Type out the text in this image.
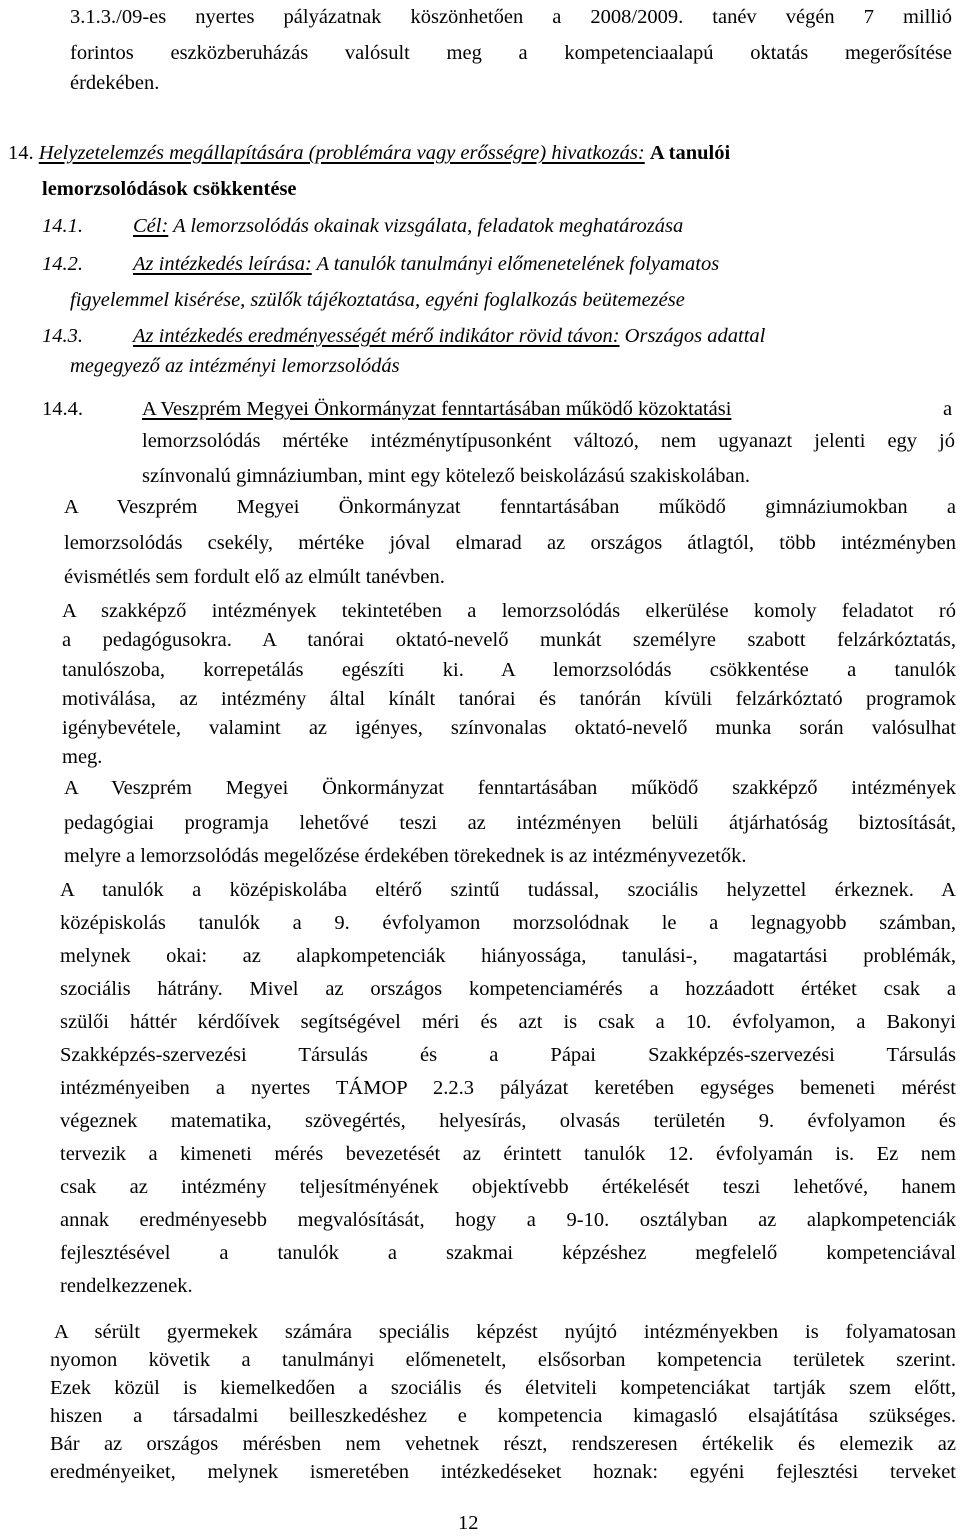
3.1.3./09-es nyertes pályázatnak köszönhetően a 2008/2009. tanév végén 7 millió

forintos eszközberuházás valósult meg a kompetenciaalapú oktatás megerősítése

érdekében.

14. Helyzetelemzés megállapítására (problémára vagy erősségre) hivatkozás: A tanulói

lemorzsolódások csökkentése

14.1. Cél: A lemorzsolódás okainak vizsgálata, feladatok meghatározása

14.2. Az intézkedés leírása: A tanulók tanulmányi előmenetelének folyamatos

figyelemmel kisérése, szülők tájékoztatása, egyéni foglalkozás beütemezése

14.3. Az intézkedés eredményességét mérő indikátor rövid távon: Országos adattal

megegyező az intézményi lemorzsolódás

14.4.	A Veszprém Megyei Önkormányzat fenntartásában működő közoktatási	a

lemorzsolódás mértéke intézménytípusonként változó, nem ugyanazt jelenti egy jó

színvonalú gimnáziumban, mint egy kötelező beiskolázású szakiskolában.

A Veszprém Megyei Önkormányzat fenntartásában működő gimnáziumokban a

lemorzsolódás csekély, mértéke jóval elmarad az országos átlagtól, több intézményben

évismétlés sem fordult elő az elmúlt tanévben.

A szakképző intézmények tekintetében a lemorzsolódás elkerülése komoly feladatot ró

a pedagógusokra. A tanórai oktató-nevelő munkát személyre szabott felzárkóztatás,

tanulószoba, korrepetálás egészíti ki. A lemorzsolódás csökkentése a tanulók

motiválása, az intézmény által kínált tanórai és tanórán kívüli felzárkóztató programok

igénybevétele, valamint az igényes, színvonalas oktató-nevelő munka során valósulhat

meg.

A Veszprém Megyei Önkormányzat fenntartásában működő szakképző intézmények

pedagógiai programja lehetővé teszi az intézményen belüli átjárhatóság biztosítását,

melyre a lemorzsolódás megelőzése érdekében törekednek is az intézményvezetők.

A tanulók a középiskolába eltérő szintű tudással, szociális helyzettel érkeznek. A

középiskolás tanulók a 9. évfolyamon morzsolódnak le a legnagyobb számban,

melynek okai: az alapkompetenciák hiányossága, tanulási-, magatartási problémák,

szociális hátrány. Mivel az országos kompetenciamérés a hozzáadott értéket csak a

szülői háttér kérdőívek segítségével méri és azt is csak a 10. évfolyamon, a Bakonyi

Szakképzés-szervezési Társulás és a Pápai Szakképzés-szervezési Társulás

intézményeiben a nyertes TÁMOP 2.2.3 pályázat keretében egységes bemeneti mérést

végeznek matematika, szövegértés, helyesírás, olvasás területén 9. évfolyamon és

tervezik a kimeneti mérés bevezetését az érintett tanulók 12. évfolyamán is. Ez nem

csak az intézmény teljesítményének objektívebb értékelését teszi lehetővé, hanem

annak eredményesebb megvalósítását, hogy a 9-10. osztályban az alapkompetenciák

fejlesztésével a tanulók a szakmai képzéshez megfelelő kompetenciával

rendelkezzenek.

A sérült gyermekek számára speciális képzést nyújtó intézményekben is folyamatosan

nyomon követik a tanulmányi előmenetelt, elsősorban kompetencia területek szerint.

Ezek közül is kiemelkedően a szociális és életviteli kompetenciákat tartják szem előtt,

hiszen a társadalmi beilleszkedéshez e kompetencia kimagasló elsajátítása szükséges.

Bár az országos mérésben nem vehetnek részt, rendszeresen értékelik és elemezik az

eredményeiket, melynek ismeretében intézkedéseket hoznak: egyéni fejlesztési terveket

12
